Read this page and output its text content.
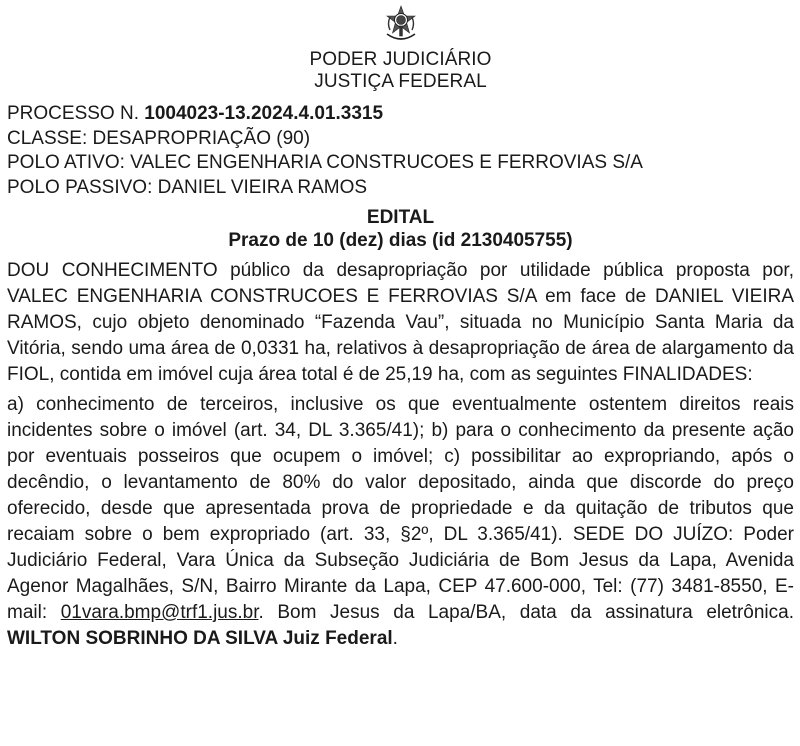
PODER JUDICIÁRIO
JUSTIÇA FEDERAL
PROCESSO N. 1004023-13.2024.4.01.3315
CLASSE: DESAPROPRIAÇÃO (90)
POLO ATIVO: VALEC ENGENHARIA CONSTRUCOES E FERROVIAS S/A
POLO PASSIVO: DANIEL VIEIRA RAMOS
EDITAL
Prazo de 10 (dez) dias (id 2130405755)

DOU CONHECIMENTO público da desapropriação por utilidade pública proposta por, VALEC ENGENHARIA CONSTRUCOES E FERROVIAS S/A em face de DANIEL VIEIRA RAMOS, cujo objeto denominado “Fazenda Vau”, situada no Município Santa Maria da Vitória, sendo uma área de 0,0331 ha, relativos à desapropriação de área de alargamento da FIOL, contida em imóvel cuja área total é de 25,19 ha, com as seguintes FINALIDADES:

a) conhecimento de terceiros, inclusive os que eventualmente ostentem direitos reais incidentes sobre o imóvel (art. 34, DL 3.365/41); b) para o conhecimento da presente ação por eventuais posseiros que ocupem o imóvel; c) possibilitar ao expropriando, após o decêndio, o levantamento de 80% do valor depositado, ainda que discorde do preço oferecido, desde que apresentada prova de propriedade e da quitação de tributos que recaiam sobre o bem expropriado (art. 33, §2º, DL 3.365/41). SEDE DO JUÍZO: Poder Judiciário Federal, Vara Única da Subseção Judiciária de Bom Jesus da Lapa, Avenida Agenor Magalhães, S/N, Bairro Mirante da Lapa, CEP 47.600-000, Tel: (77) 3481-8550, E-mail: 01vara.bmp@trf1.jus.br. Bom Jesus da Lapa/BA, data da assinatura eletrônica. WILTON SOBRINHO DA SILVA Juiz Federal.
